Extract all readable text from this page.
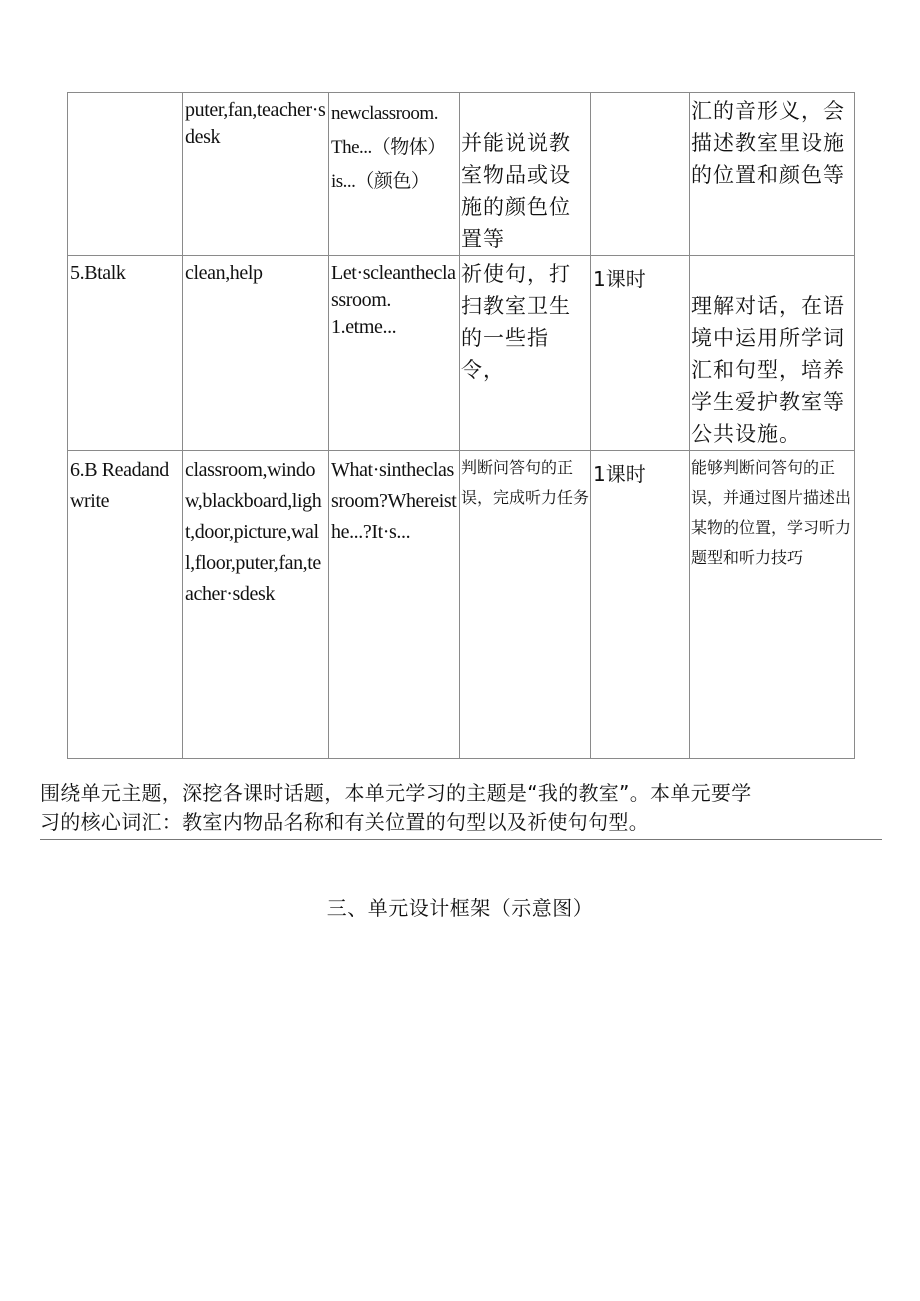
	puter,fan,teacher·sdesk	newclassroom.
The...（物体）
is...（颜色）	并能说说教室物品或设施的颜色位置等		汇的音形义，会描述教室里设施的位置和颜色等
5.Btalk	clean,help	Let·scleantheclassroom.
1.etme...	祈使句，打扫教室卫生的一些指令，	1课时	理解对话，在语境中运用所学词汇和句型，培养学生爱护教室等公共设施。
6.B Readandwrite	classroom,window,blackboard,light,door,picture,wall,floor,puter,fan,teacher·sdesk	What·sintheclassroom?Whereisthe...?It·s...	判断问答句的正误，完成听力任务	1课时	能够判断问答句的正误，并通过图片描述出某物的位置，学习听力题型和听力技巧

围绕单元主题，深挖各课时话题，本单元学习的主题是“我的教室”。本单元要学

习的核心词汇：教室内物品名称和有关位置的句型以及祈使句句型。

三、单元设计框架（示意图）
